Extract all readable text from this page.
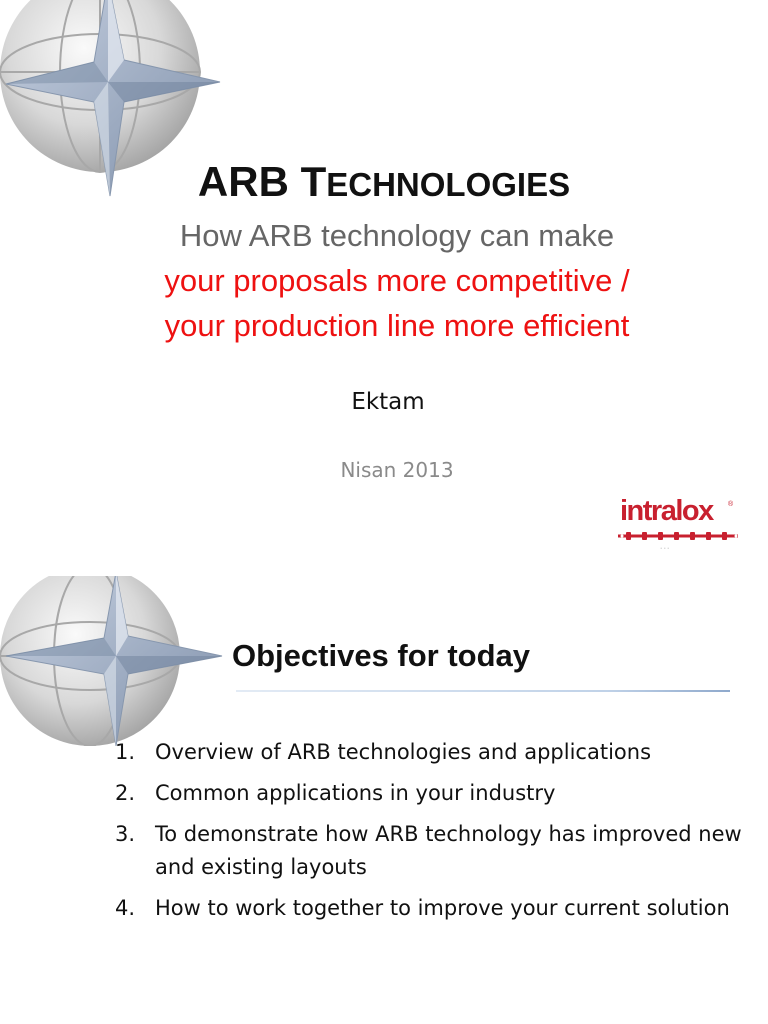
ARB TECHNOLOGIES
How ARB technology can make
your proposals more competitive /
your production line more efficient
Ektam
Nisan 2013
intralox ®
...
Objectives for today
1. Overview of ARB technologies and applications
2. Common applications in your industry
3. To demonstrate how ARB technology has improved new and existing layouts
4. How to work together to improve your current solution
